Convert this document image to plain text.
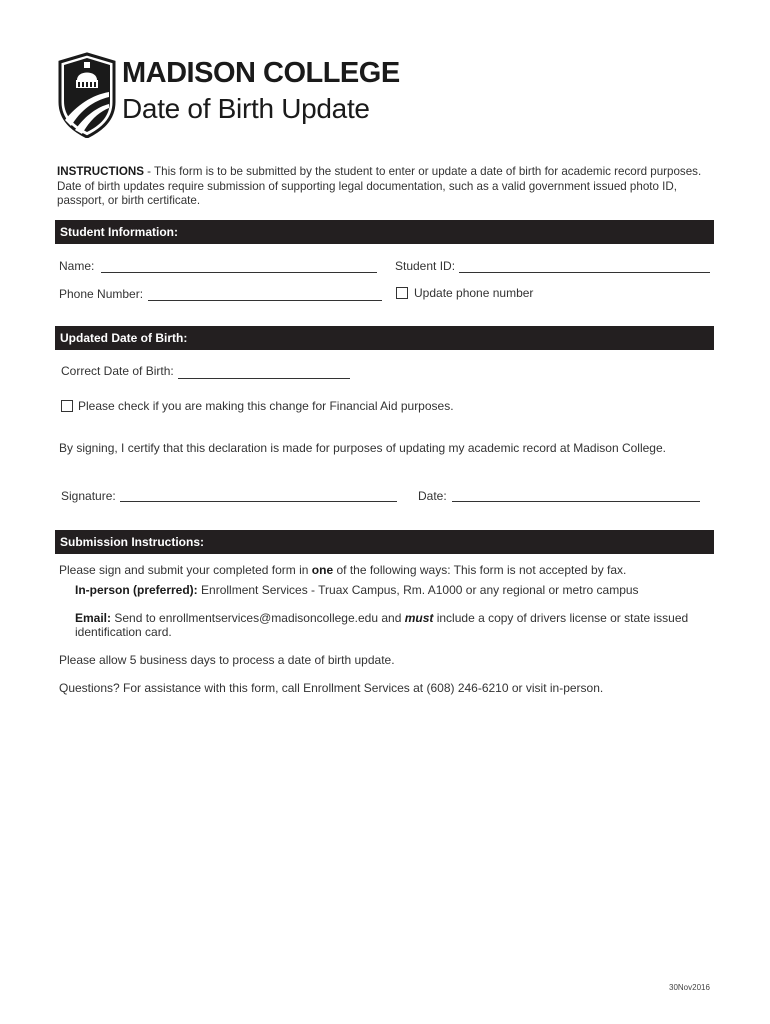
MADISON COLLEGE
Date of Birth Update
INSTRUCTIONS - This form is to be submitted by the student to enter or update a date of birth for academic record purposes. Date of birth updates require submission of supporting legal documentation, such as a valid government issued photo ID, passport, or birth certificate.
Student Information:
Name:	Student ID:
Phone Number:	Update phone number
Updated Date of Birth:
Correct Date of Birth:
Please check if you are making this change for Financial Aid purposes.
By signing, I certify that this declaration is made for purposes of updating my academic record at Madison College.
Signature:	Date:
Submission Instructions:
Please sign and submit your completed form in one of the following ways: This form is not accepted by fax.
In-person (preferred): Enrollment Services - Truax Campus, Rm. A1000 or any regional or metro campus
Email: Send to enrollmentservices@madisoncollege.edu and must include a copy of drivers license or state issued identification card.
Please allow 5 business days to process a date of birth update.
Questions? For assistance with this form, call Enrollment Services at (608) 246-6210 or visit in-person.
30Nov2016
